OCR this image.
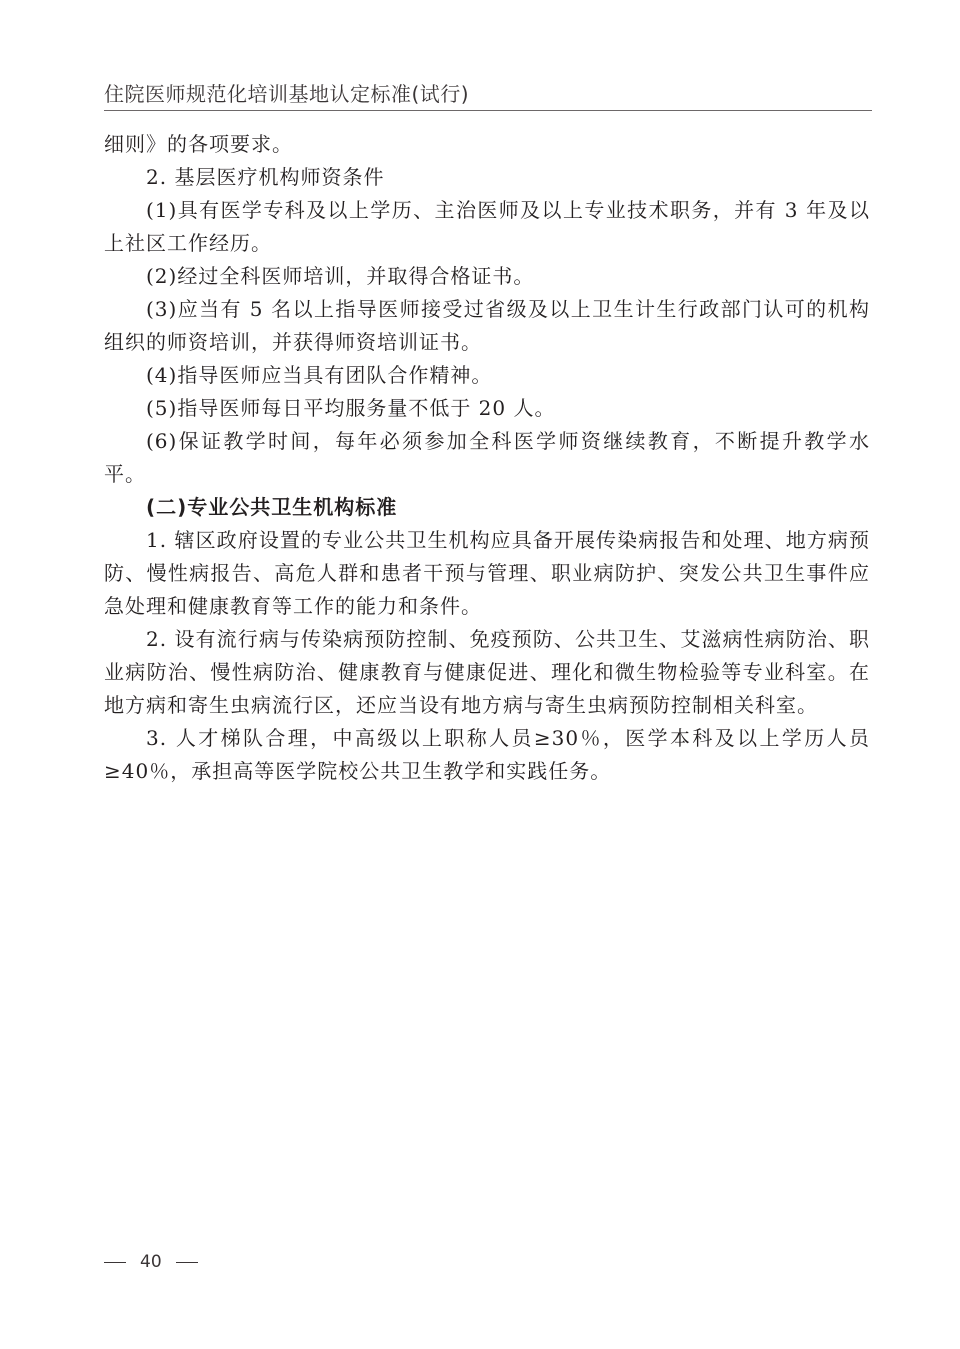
住院医师规范化培训基地认定标准(试行)

细则》的各项要求。

2. 基层医疗机构师资条件

(1)具有医学专科及以上学历、主治医师及以上专业技术职务，并有 3 年及以上社区工作经历。

(2)经过全科医师培训，并取得合格证书。

(3)应当有 5 名以上指导医师接受过省级及以上卫生计生行政部门认可的机构组织的师资培训，并获得师资培训证书。

(4)指导医师应当具有团队合作精神。

(5)指导医师每日平均服务量不低于 20 人。

(6)保证教学时间，每年必须参加全科医学师资继续教育，不断提升教学水平。

(二)专业公共卫生机构标准

1. 辖区政府设置的专业公共卫生机构应具备开展传染病报告和处理、地方病预防、慢性病报告、高危人群和患者干预与管理、职业病防护、突发公共卫生事件应急处理和健康教育等工作的能力和条件。

2. 设有流行病与传染病预防控制、免疫预防、公共卫生、艾滋病性病防治、职业病防治、慢性病防治、健康教育与健康促进、理化和微生物检验等专业科室。在地方病和寄生虫病流行区，还应当设有地方病与寄生虫病预防控制相关科室。

3. 人才梯队合理，中高级以上职称人员≥30％，医学本科及以上学历人员≥40％，承担高等医学院校公共卫生教学和实践任务。

40
